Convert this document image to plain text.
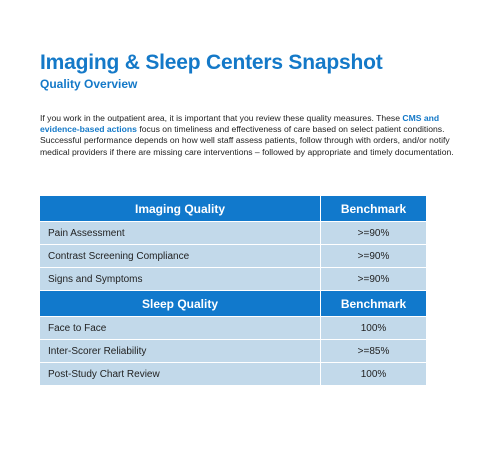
Imaging & Sleep Centers Snapshot
Quality Overview

If you work in the outpatient area, it is important that you review these quality measures. These CMS and evidence-based actions focus on timeliness and effectiveness of care based on select patient conditions. Successful performance depends on how well staff assess patients, follow through with orders, and/or notify medical providers if there are missing care interventions – followed by appropriate and timely documentation.

Imaging Quality	Benchmark
Pain Assessment	>=90%
Contrast Screening Compliance	>=90%
Signs and Symptoms	>=90%
Sleep Quality	Benchmark
Face to Face	100%
Inter-Scorer Reliability	>=85%
Post-Study Chart Review	100%
